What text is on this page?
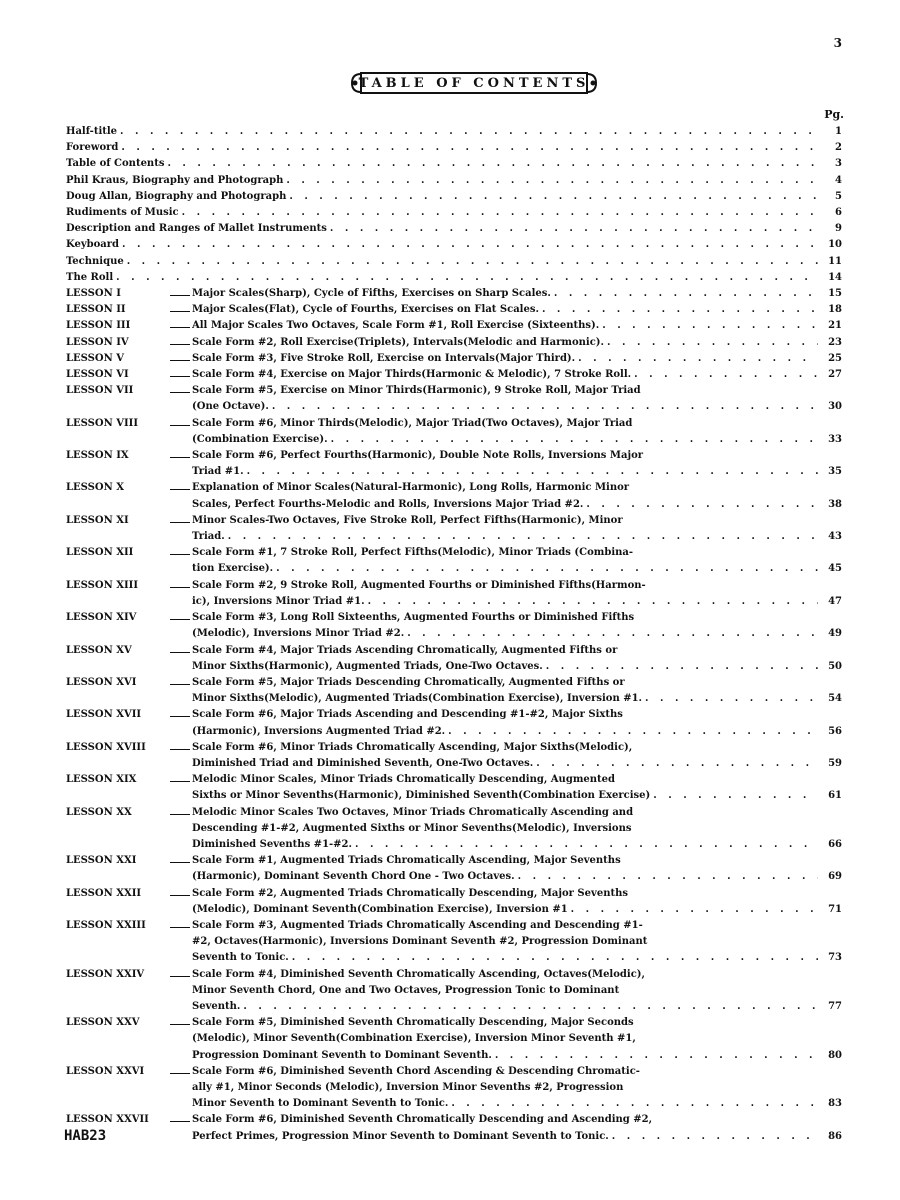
3
TABLE OF CONTENTS
Pg.
Half-title . . .	1
Foreword . . .	2
Table of Contents . . .	3
Phil Kraus, Biography and Photograph . . .	4
Doug Allan, Biography and Photograph . . .	5
Rudiments of Music . . .	6
Description and Ranges of Mallet Instruments . . .	9
Keyboard . . .	10
Technique . . .	11
The Roll . . .	14
LESSON I	Major Scales(Sharp), Cycle of Fifths, Exercises on Sharp Scales. . . .	15
LESSON II	Major Scales(Flat), Cycle of Fourths, Exercises on Flat Scales. . . .	18
LESSON III	All Major Scales Two Octaves, Scale Form #1, Roll Exercise (Sixteenths). . . .	21
LESSON IV	Scale Form #2, Roll Exercise(Triplets), Intervals(Melodic and Harmonic). . . .	23
LESSON V	Scale Form #3, Five Stroke Roll, Exercise on Intervals(Major Third). . . .	25
LESSON VI	Scale Form #4, Exercise on Major Thirds(Harmonic & Melodic), 7 Stroke Roll. . . .	27
LESSON VII	Scale Form #5, Exercise on Minor Thirds(Harmonic), 9 Stroke Roll, Major Triad
(One Octave). . . .	30
LESSON VIII	Scale Form #6, Minor Thirds(Melodic), Major Triad(Two Octaves), Major Triad
(Combination Exercise). . . .	33
LESSON IX	Scale Form #6, Perfect Fourths(Harmonic), Double Note Rolls, Inversions Major
Triad #1. . . .	35
LESSON X	Explanation of Minor Scales(Natural-Harmonic), Long Rolls, Harmonic Minor
Scales, Perfect Fourths-Melodic and Rolls, Inversions Major Triad #2. . . .	38
LESSON XI	Minor Scales-Two Octaves, Five Stroke Roll, Perfect Fifths(Harmonic), Minor
Triad. . . .	43
LESSON XII	Scale Form #1, 7 Stroke Roll, Perfect Fifths(Melodic), Minor Triads (Combina-
tion Exercise). . . .	45
LESSON XIII	Scale Form #2, 9 Stroke Roll, Augmented Fourths or Diminished Fifths(Harmon-
ic), Inversions Minor Triad #1. . . .	47
LESSON XIV	Scale Form #3, Long Roll Sixteenths, Augmented Fourths or Diminished Fifths
(Melodic), Inversions Minor Triad #2. . . .	49
LESSON XV	Scale Form #4, Major Triads Ascending Chromatically, Augmented Fifths or
Minor Sixths(Harmonic), Augmented Triads, One-Two Octaves. . . .	50
LESSON XVI	Scale Form #5, Major Triads Descending Chromatically, Augmented Fifths or
Minor Sixths(Melodic), Augmented Triads(Combination Exercise), Inversion #1. . . .	54
LESSON XVII	Scale Form #6, Major Triads Ascending and Descending #1-#2, Major Sixths
(Harmonic), Inversions Augmented Triad #2. . . .	56
LESSON XVIII	Scale Form #6, Minor Triads Chromatically Ascending, Major Sixths(Melodic),
Diminished Triad and Diminished Seventh, One-Two Octaves. . . .	59
LESSON XIX	Melodic Minor Scales, Minor Triads Chromatically Descending, Augmented
Sixths or Minor Sevenths(Harmonic), Diminished Seventh(Combination Exercise) . . .	61
LESSON XX	Melodic Minor Scales Two Octaves, Minor Triads Chromatically Ascending and
Descending #1-#2, Augmented Sixths or Minor Sevenths(Melodic), Inversions
Diminished Sevenths #1-#2. . . .	66
LESSON XXI	Scale Form #1, Augmented Triads Chromatically Ascending, Major Sevenths
(Harmonic), Dominant Seventh Chord One - Two Octaves. . . .	69
LESSON XXII	Scale Form #2, Augmented Triads Chromatically Descending, Major Sevenths
(Melodic), Dominant Seventh(Combination Exercise), Inversion #1 . . .	71
LESSON XXIII	Scale Form #3, Augmented Triads Chromatically Ascending and Descending #1-
#2, Octaves(Harmonic), Inversions Dominant Seventh #2, Progression Dominant
Seventh to Tonic. . . .	73
LESSON XXIV	Scale Form #4, Diminished Seventh Chromatically Ascending, Octaves(Melodic),
Minor Seventh Chord, One and Two Octaves, Progression Tonic to Dominant
Seventh. . . .	77
LESSON XXV	Scale Form #5, Diminished Seventh Chromatically Descending, Major Seconds
(Melodic), Minor Seventh(Combination Exercise), Inversion Minor Seventh #1,
Progression Dominant Seventh to Dominant Seventh. . . .	80
LESSON XXVI	Scale Form #6, Diminished Seventh Chord Ascending & Descending Chromatic-
ally #1, Minor Seconds (Melodic), Inversion Minor Sevenths #2, Progression
Minor Seventh to Dominant Seventh to Tonic. . . .	83
LESSON XXVII	Scale Form #6, Diminished Seventh Chromatically Descending and Ascending #2,
Perfect Primes, Progression Minor Seventh to Dominant Seventh to Tonic. . . .	86
HAB23
